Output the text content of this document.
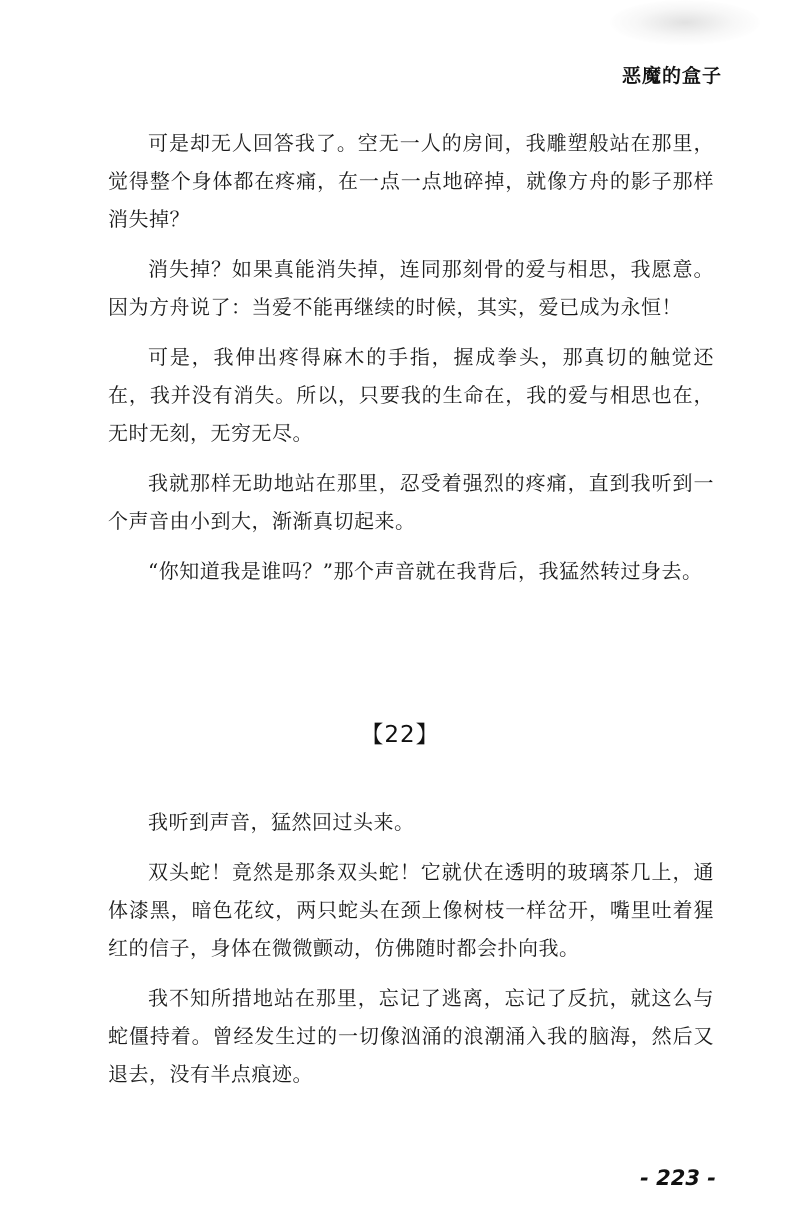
恶魔的盒子

可是却无人回答我了。空无一人的房间，我雕塑般站在那里，觉得整个身体都在疼痛，在一点一点地碎掉，就像方舟的影子那样消失掉？

消失掉？如果真能消失掉，连同那刻骨的爱与相思，我愿意。因为方舟说了：当爱不能再继续的时候，其实，爱已成为永恒！

可是，我伸出疼得麻木的手指，握成拳头，那真切的触觉还在，我并没有消失。所以，只要我的生命在，我的爱与相思也在，无时无刻，无穷无尽。

我就那样无助地站在那里，忍受着强烈的疼痛，直到我听到一个声音由小到大，渐渐真切起来。

“你知道我是谁吗？”那个声音就在我背后，我猛然转过身去。

【22】

我听到声音，猛然回过头来。

双头蛇！竟然是那条双头蛇！它就伏在透明的玻璃茶几上，通体漆黑，暗色花纹，两只蛇头在颈上像树枝一样岔开，嘴里吐着猩红的信子，身体在微微颤动，仿佛随时都会扑向我。

我不知所措地站在那里，忘记了逃离，忘记了反抗，就这么与蛇僵持着。曾经发生过的一切像汹涌的浪潮涌入我的脑海，然后又退去，没有半点痕迹。

- 223 -
